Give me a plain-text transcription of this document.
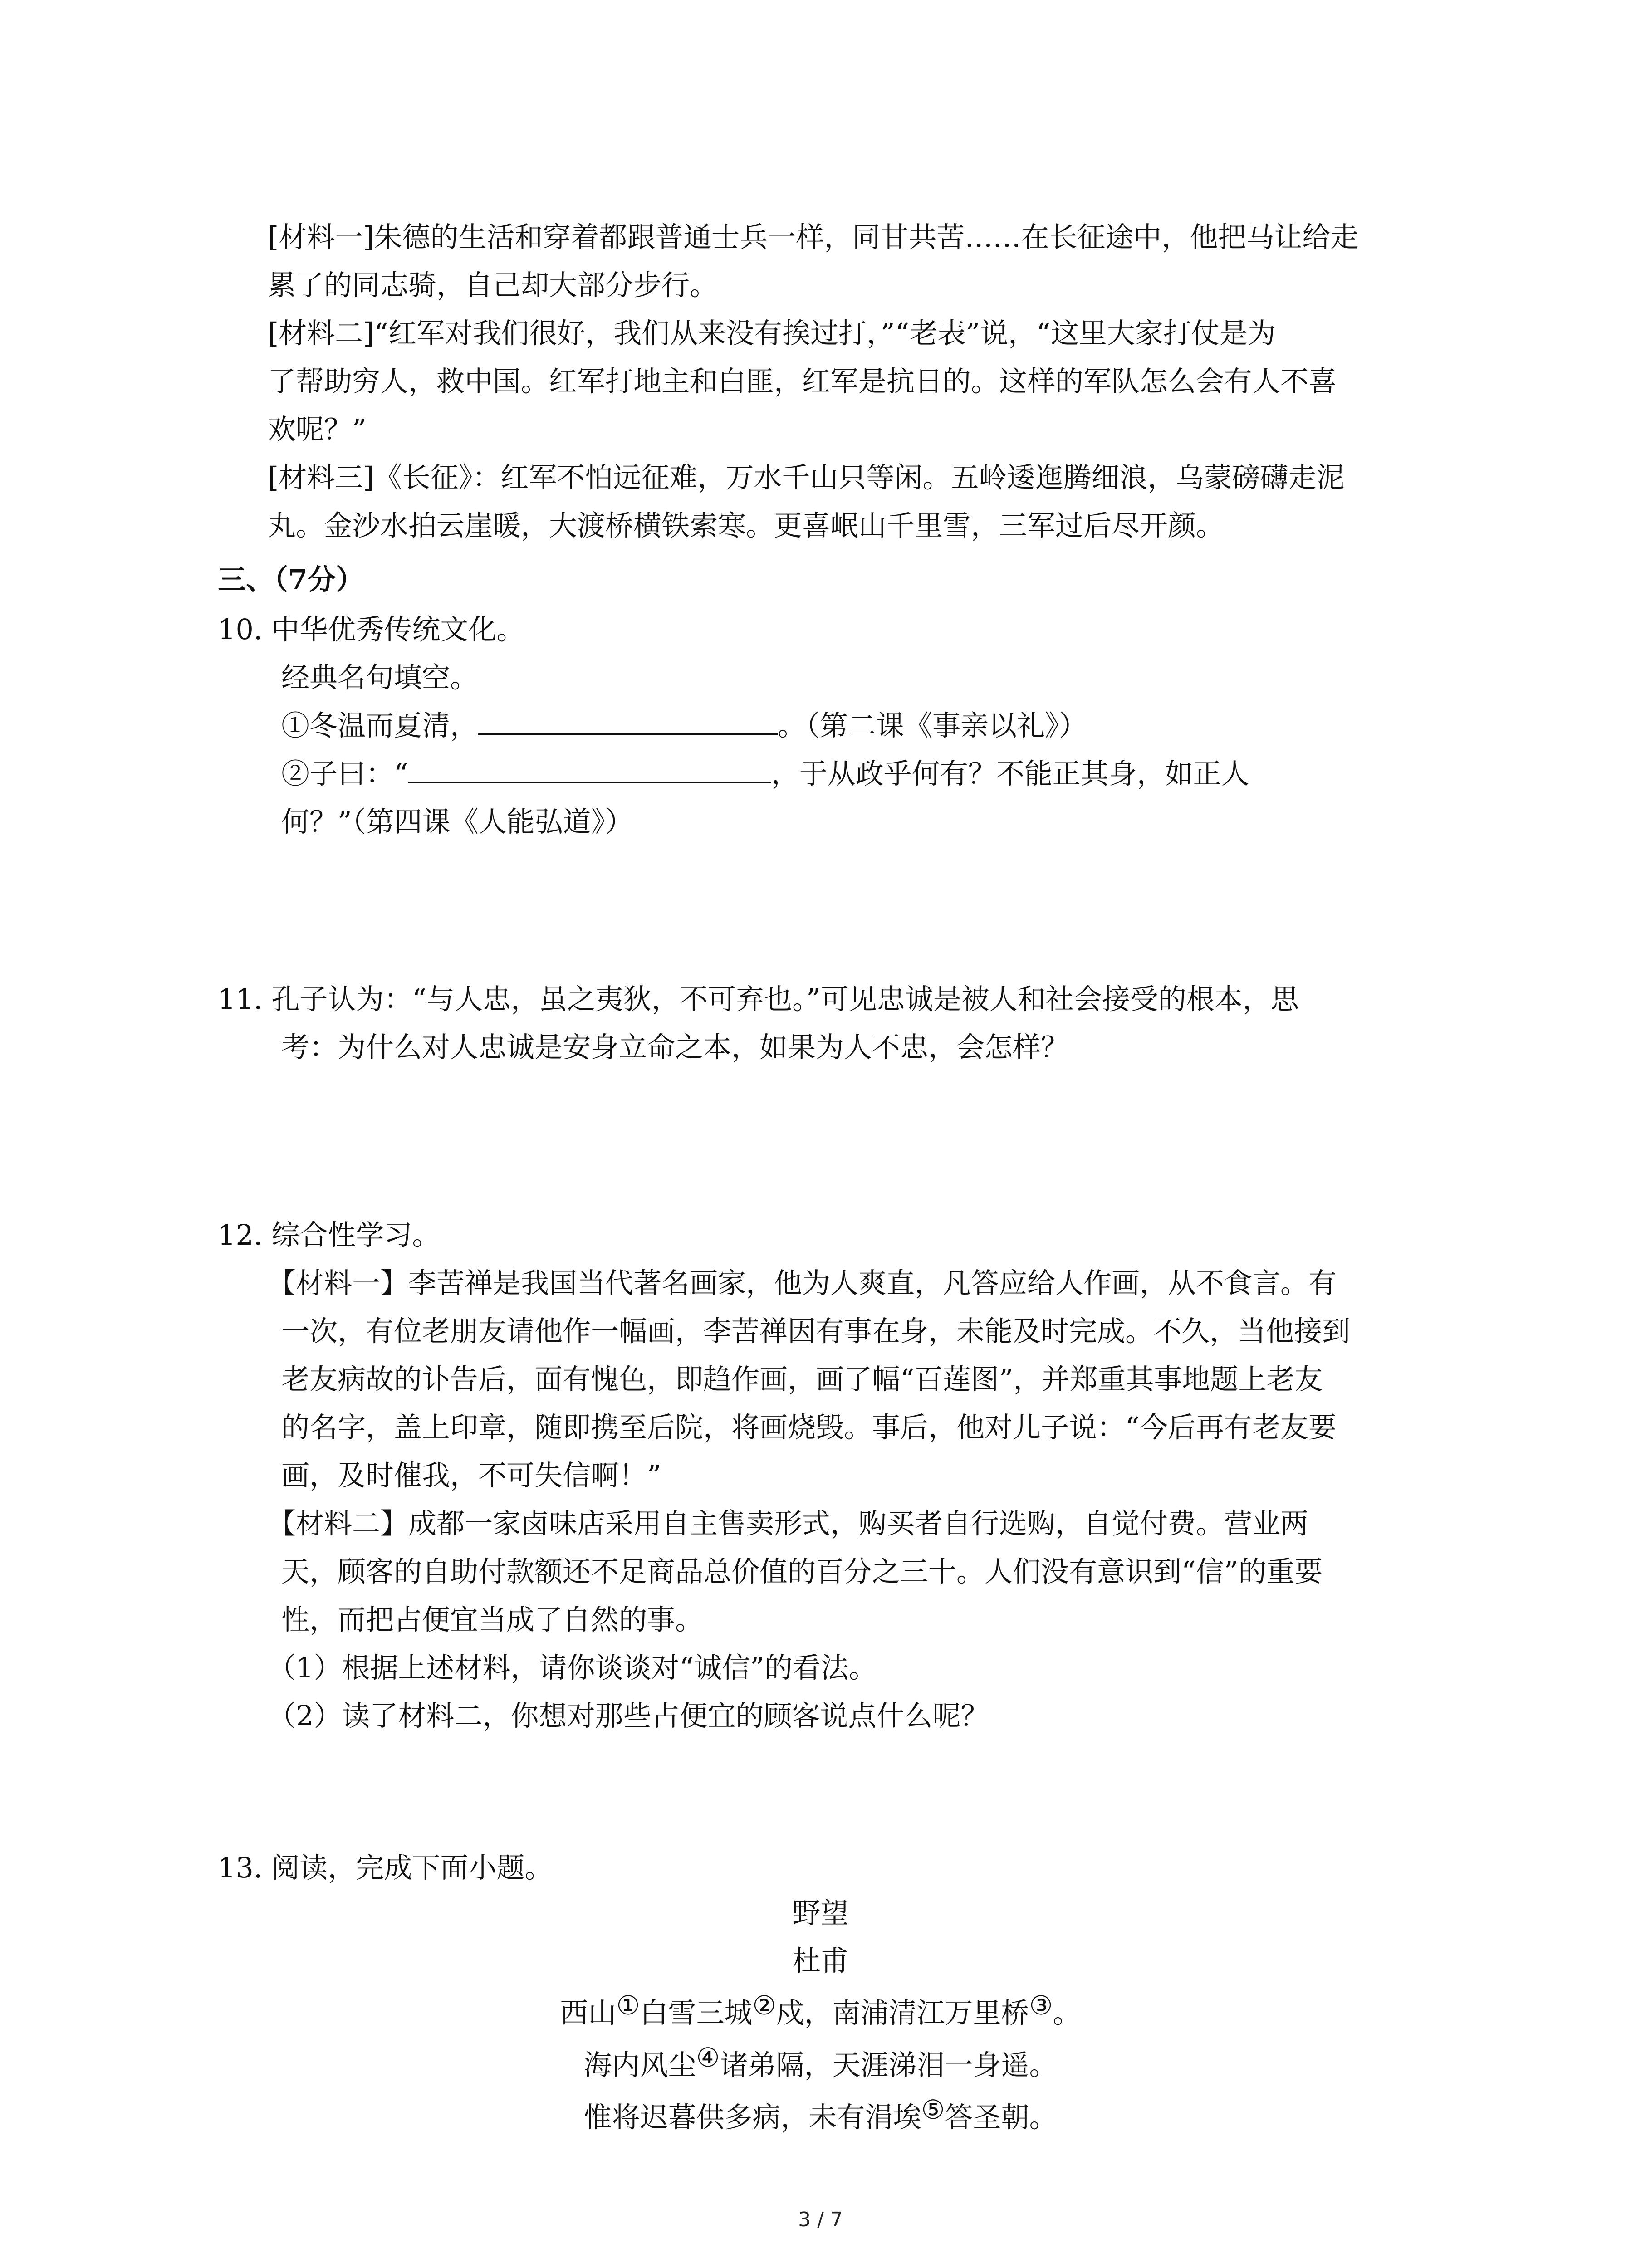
[材料一]朱德的生活和穿着都跟普通士兵一样，同甘共苦……在长征途中，他把马让给走

累了的同志骑，自己却大部分步行。

[材料二]“红军对我们很好，我们从来没有挨过打，”“老表”说，“这里大家打仗是为

了帮助穷人，救中国。红军打地主和白匪，红军是抗日的。这样的军队怎么会有人不喜

欢呢？”

[材料三]《长征》：红军不怕远征难，万水千山只等闲。五岭逶迤腾细浪，乌蒙磅礴走泥

丸。金沙水拍云崖暖，大渡桥横铁索寒。更喜岷山千里雪，三军过后尽开颜。

三、（7分）
10. 中华优秀传统文化。
经典名句填空。
①冬温而夏清，	。（第二课《事亲以礼》）
②子曰：“	，于从政乎何有？不能正其身，如正人
何？”（第四课《人能弘道》）
11. 孔子认为：“与人忠，虽之夷狄，不可弃也。”可见忠诚是被人和社会接受的根本，思
考：为什么对人忠诚是安身立命之本，如果为人不忠，会怎样？
12. 综合性学习。
【材料一】李苦禅是我国当代著名画家，他为人爽直，凡答应给人作画，从不食言。有
一次，有位老朋友请他作一幅画，李苦禅因有事在身，未能及时完成。不久，当他接到
老友病故的讣告后，面有愧色，即趋作画，画了幅“百莲图”，并郑重其事地题上老友
的名字，盖上印章，随即携至后院，将画烧毁。事后，他对儿子说：“今后再有老友要
画，及时催我，不可失信啊！”
【材料二】成都一家卤味店采用自主售卖形式，购买者自行选购，自觉付费。营业两
天，顾客的自助付款额还不足商品总价值的百分之三十。人们没有意识到“信”的重要
性，而把占便宜当成了自然的事。
（1）根据上述材料，请你谈谈对“诚信”的看法。
（2）读了材料二，你想对那些占便宜的顾客说点什么呢？
13. 阅读，完成下面小题。
野望
杜甫
西山①白雪三城②戍，南浦清江万里桥③。
海内风尘④诸弟隔，天涯涕泪一身遥。
惟将迟暮供多病，未有涓埃⑤答圣朝。
3 / 7
